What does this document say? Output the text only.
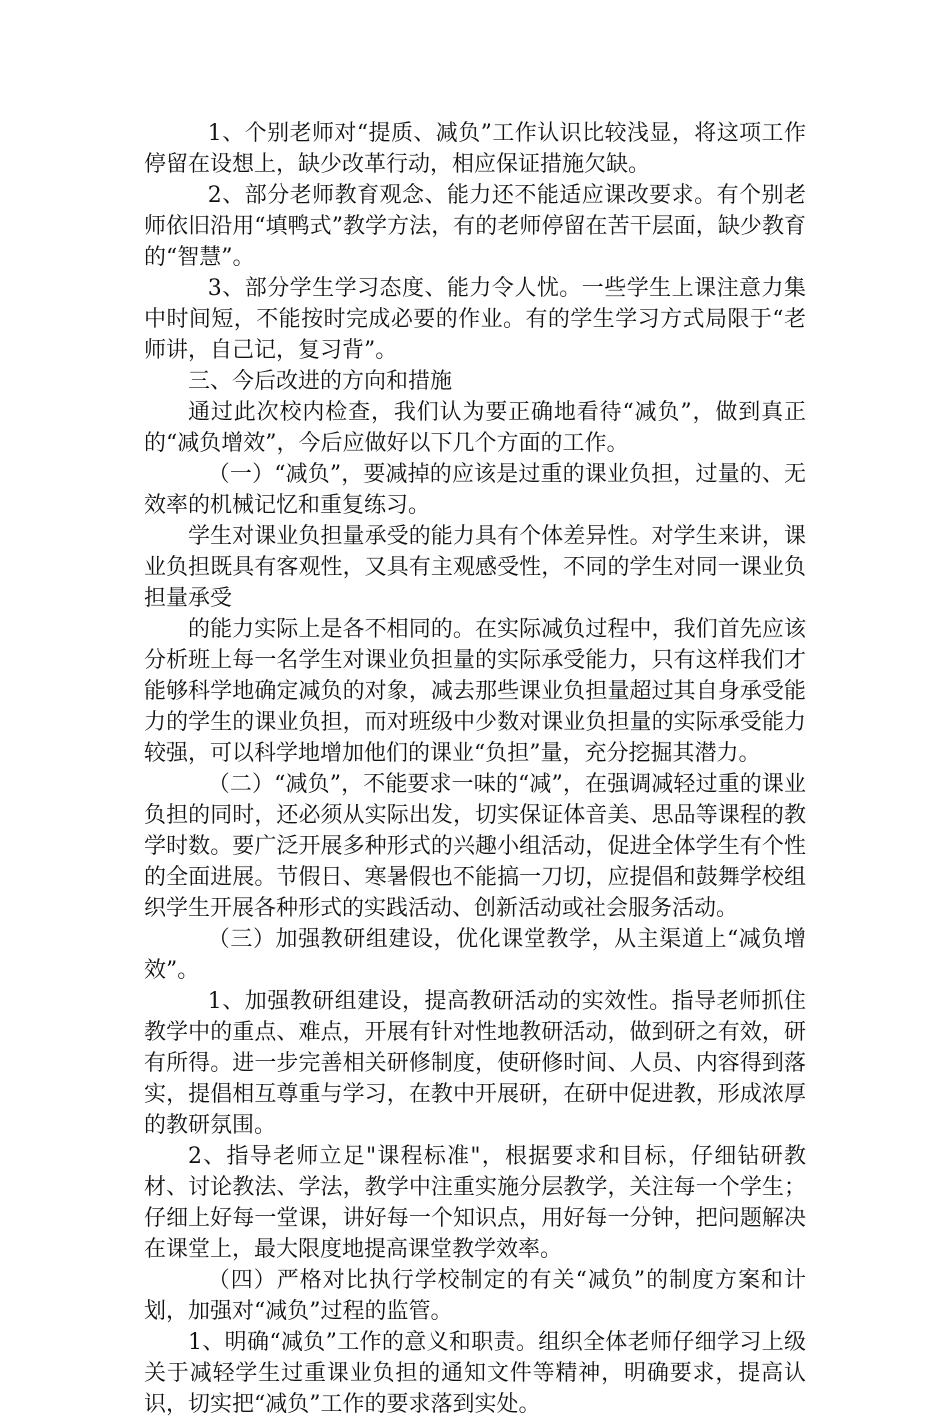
1、个别老师对“提质、减负”工作认识比较浅显，将这项工作停留在设想上，缺少改革行动，相应保证措施欠缺。

2、部分老师教育观念、能力还不能适应课改要求。有个别老师依旧沿用“填鸭式”教学方法，有的老师停留在苦干层面，缺少教育的“智慧”。

3、部分学生学习态度、能力令人忧。一些学生上课注意力集中时间短，不能按时完成必要的作业。有的学生学习方式局限于“老师讲，自己记，复习背”。

三、今后改进的方向和措施

通过此次校内检查，我们认为要正确地看待“减负”，做到真正的“减负增效”，今后应做好以下几个方面的工作。

（一）“减负”，要减掉的应该是过重的课业负担，过量的、无效率的机械记忆和重复练习。

学生对课业负担量承受的能力具有个体差异性。对学生来讲，课业负担既具有客观性，又具有主观感受性，不同的学生对同一课业负担量承受

的能力实际上是各不相同的。在实际减负过程中，我们首先应该分析班上每一名学生对课业负担量的实际承受能力，只有这样我们才能够科学地确定减负的对象，减去那些课业负担量超过其自身承受能力的学生的课业负担，而对班级中少数对课业负担量的实际承受能力较强，可以科学地增加他们的课业“负担”量，充分挖掘其潜力。

（二）“减负”，不能要求一味的“减”，在强调减轻过重的课业负担的同时，还必须从实际出发，切实保证体音美、思品等课程的教学时数。要广泛开展多种形式的兴趣小组活动，促进全体学生有个性的全面进展。节假日、寒暑假也不能搞一刀切，应提倡和鼓舞学校组织学生开展各种形式的实践活动、创新活动或社会服务活动。

（三）加强教研组建设，优化课堂教学，从主渠道上“减负增效”。

1、加强教研组建设，提高教研活动的实效性。指导老师抓住教学中的重点、难点，开展有针对性地教研活动，做到研之有效，研有所得。进一步完善相关研修制度，使研修时间、人员、内容得到落实，提倡相互尊重与学习，在教中开展研，在研中促进教，形成浓厚的教研氛围。

2、指导老师立足"课程标准"，根据要求和目标，仔细钻研教材、讨论教法、学法，教学中注重实施分层教学，关注每一个学生；仔细上好每一堂课，讲好每一个知识点，用好每一分钟，把问题解决在课堂上，最大限度地提高课堂教学效率。

（四）严格对比执行学校制定的有关“减负”的制度方案和计划，加强对“减负”过程的监管。

1、明确“减负”工作的意义和职责。组织全体老师仔细学习上级关于减轻学生过重课业负担的通知文件等精神，明确要求，提高认识，切实把“减负”工作的要求落到实处。
